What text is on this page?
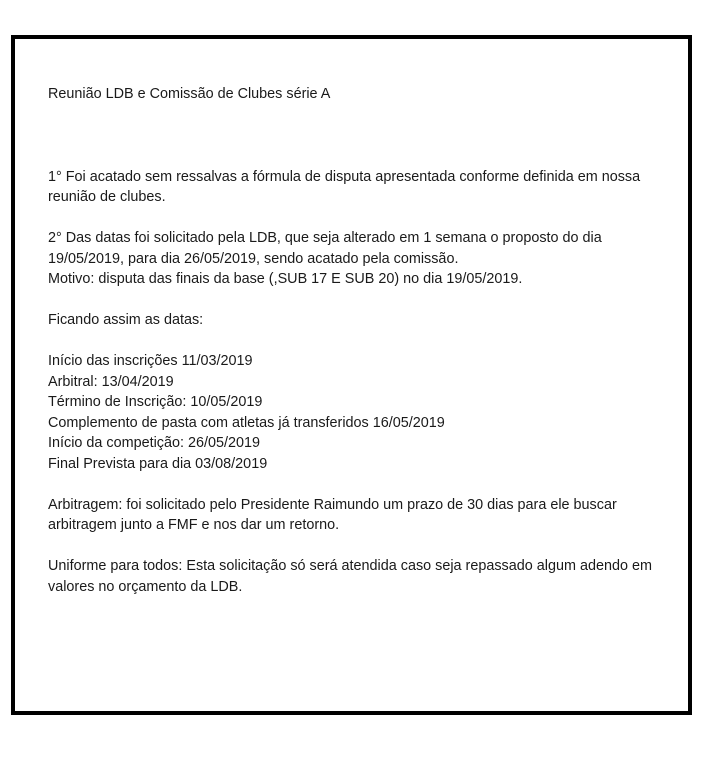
Reunião LDB e Comissão de Clubes série A
1° Foi acatado sem ressalvas a fórmula de disputa apresentada conforme definida em nossa
reunião de clubes.
2° Das datas foi solicitado pela LDB, que seja alterado em 1 semana o proposto do dia
19/05/2019, para dia 26/05/2019, sendo acatado pela comissão.
Motivo: disputa das finais da base (,SUB 17 E SUB 20) no dia 19/05/2019.
Ficando assim as datas:
Início das inscrições 11/03/2019
Arbitral: 13/04/2019
Término de Inscrição: 10/05/2019
Complemento de pasta com atletas já transferidos 16/05/2019
Início da competição: 26/05/2019
Final Prevista para dia 03/08/2019
Arbitragem: foi solicitado pelo Presidente Raimundo um prazo de 30 dias para ele buscar
arbitragem junto a FMF e nos dar um retorno.
Uniforme para todos: Esta solicitação só será atendida caso seja repassado algum adendo em
valores no orçamento da LDB.
